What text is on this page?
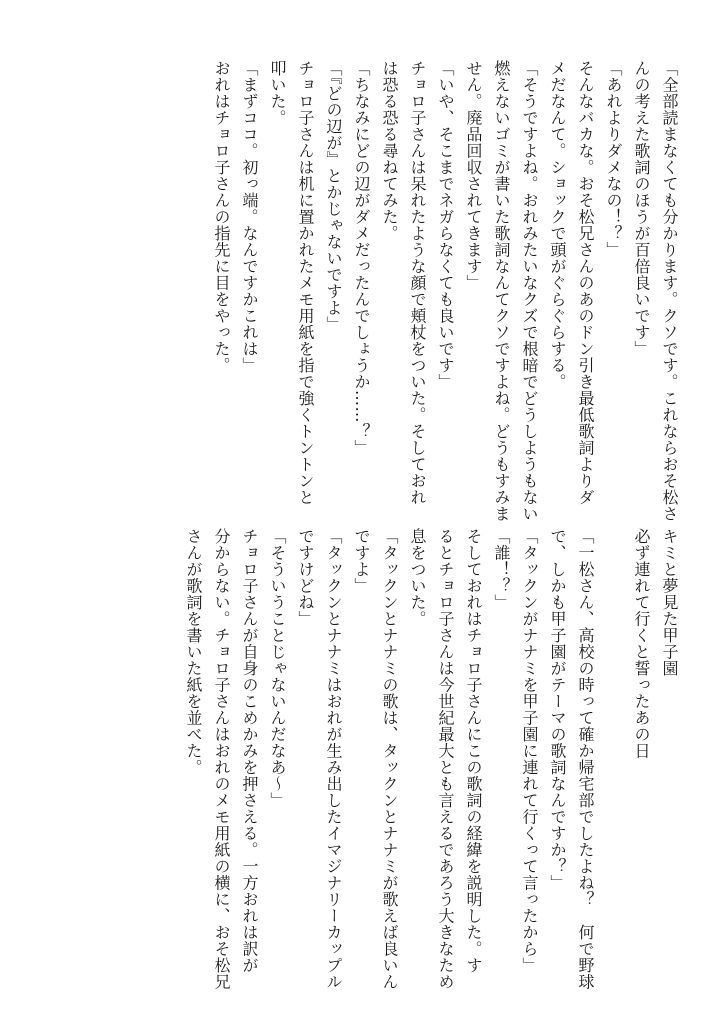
「全部読まなくても分かります。クソです。これならおそ松さ
んの考えた歌詞のほうが百倍良いです」
「あれよりダメなの！？」
そんなバカな。おそ松兄さんのあのドン引き最低歌詞よりダ
メだなんて。ショックで頭がぐらぐらする。
「そうですよね。おれみたいなクズで根暗でどうしようもない
燃えないゴミが書いた歌詞なんてクソですよね。どうもすみま
せん。廃品回収されてきます」
「いや、そこまでネガらなくても良いです」
チョロ子さんは呆れたような顔で頬杖をついた。そしておれ
は恐る恐る尋ねてみた。
「ちなみにどの辺がダメだったんでしょうか……？」
「『どの辺が』とかじゃないですよ」
チョロ子さんは机に置かれたメモ用紙を指で強くトントンと
叩いた。
「まずココ。初っ端。なんですかこれは」
おれはチョロ子さんの指先に目をやった。
キミと夢見た甲子園
必ず連れて行くと誓ったあの日

「一松さん、高校の時って確か帰宅部でしたよね？　何で野球
で、しかも甲子園がテーマの歌詞なんですか？」
「タックンがナナミを甲子園に連れて行くって言ったから」
「誰！？」
そしておれはチョロ子さんにこの歌詞の経緯を説明した。す
るとチョロ子さんは今世紀最大とも言えるであろう大きなため
息をついた。
「タックンとナナミの歌は、タックンとナナミが歌えば良いん
ですよ」
「タックンとナナミはおれが生み出したイマジナリーカップル
ですけどね」
「そういうことじゃないんだなあ〜」
チョロ子さんが自身のこめかみを押さえる。一方おれは訳が
分からない。チョロ子さんはおれのメモ用紙の横に、おそ松兄
さんが歌詞を書いた紙を並べた。
